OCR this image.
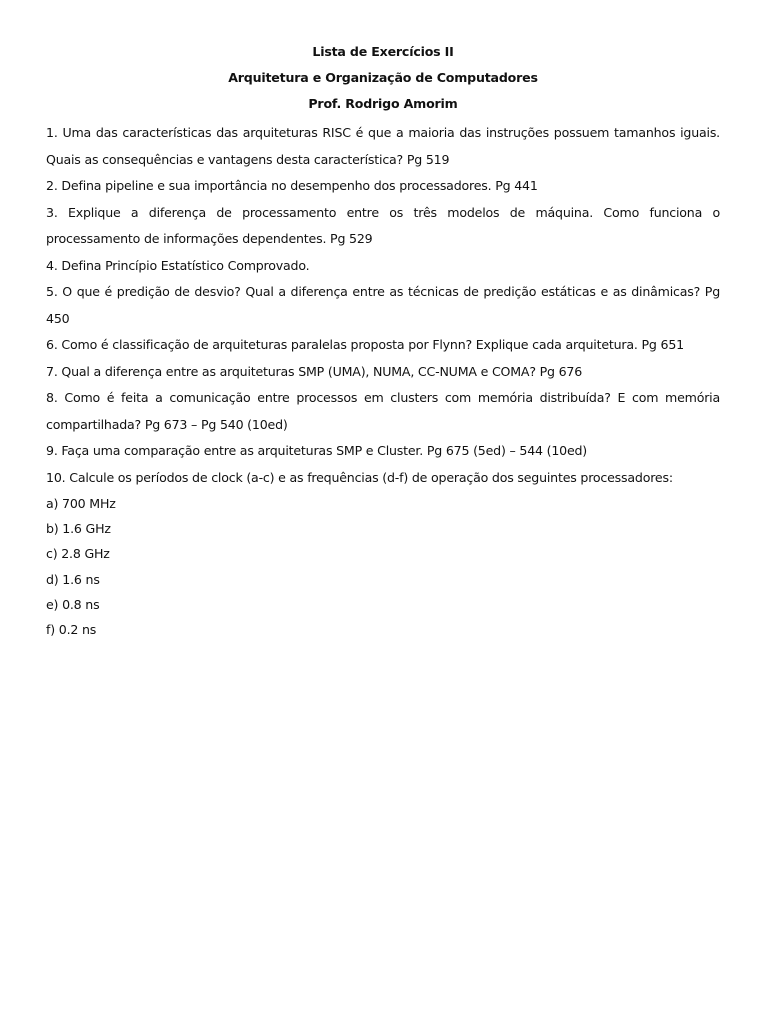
Lista de Exercícios II
Arquitetura e Organização de Computadores
Prof. Rodrigo Amorim
1. Uma das características das arquiteturas RISC é que a maioria das instruções possuem tamanhos iguais. Quais as consequências e vantagens desta característica? Pg 519
2. Defina pipeline e sua importância no desempenho dos processadores. Pg 441
3. Explique a diferença de processamento entre os três modelos de máquina. Como funciona o processamento de informações dependentes. Pg 529
4. Defina Princípio Estatístico Comprovado.
5. O que é predição de desvio? Qual a diferença entre as técnicas de predição estáticas e as dinâmicas? Pg 450
6. Como é classificação de arquiteturas paralelas proposta por Flynn? Explique cada arquitetura. Pg 651
7. Qual a diferença entre as arquiteturas SMP (UMA), NUMA, CC-NUMA e COMA? Pg 676
8. Como é feita a comunicação entre processos em clusters com memória distribuída? E com memória compartilhada? Pg 673 – Pg 540 (10ed)
9. Faça uma comparação entre as arquiteturas SMP e Cluster. Pg 675 (5ed) – 544 (10ed)
10. Calcule os períodos de clock (a-c) e as frequências (d-f) de operação dos seguintes processadores:
a) 700 MHz
b) 1.6 GHz
c) 2.8 GHz
d) 1.6 ns
e) 0.8 ns
f) 0.2 ns
